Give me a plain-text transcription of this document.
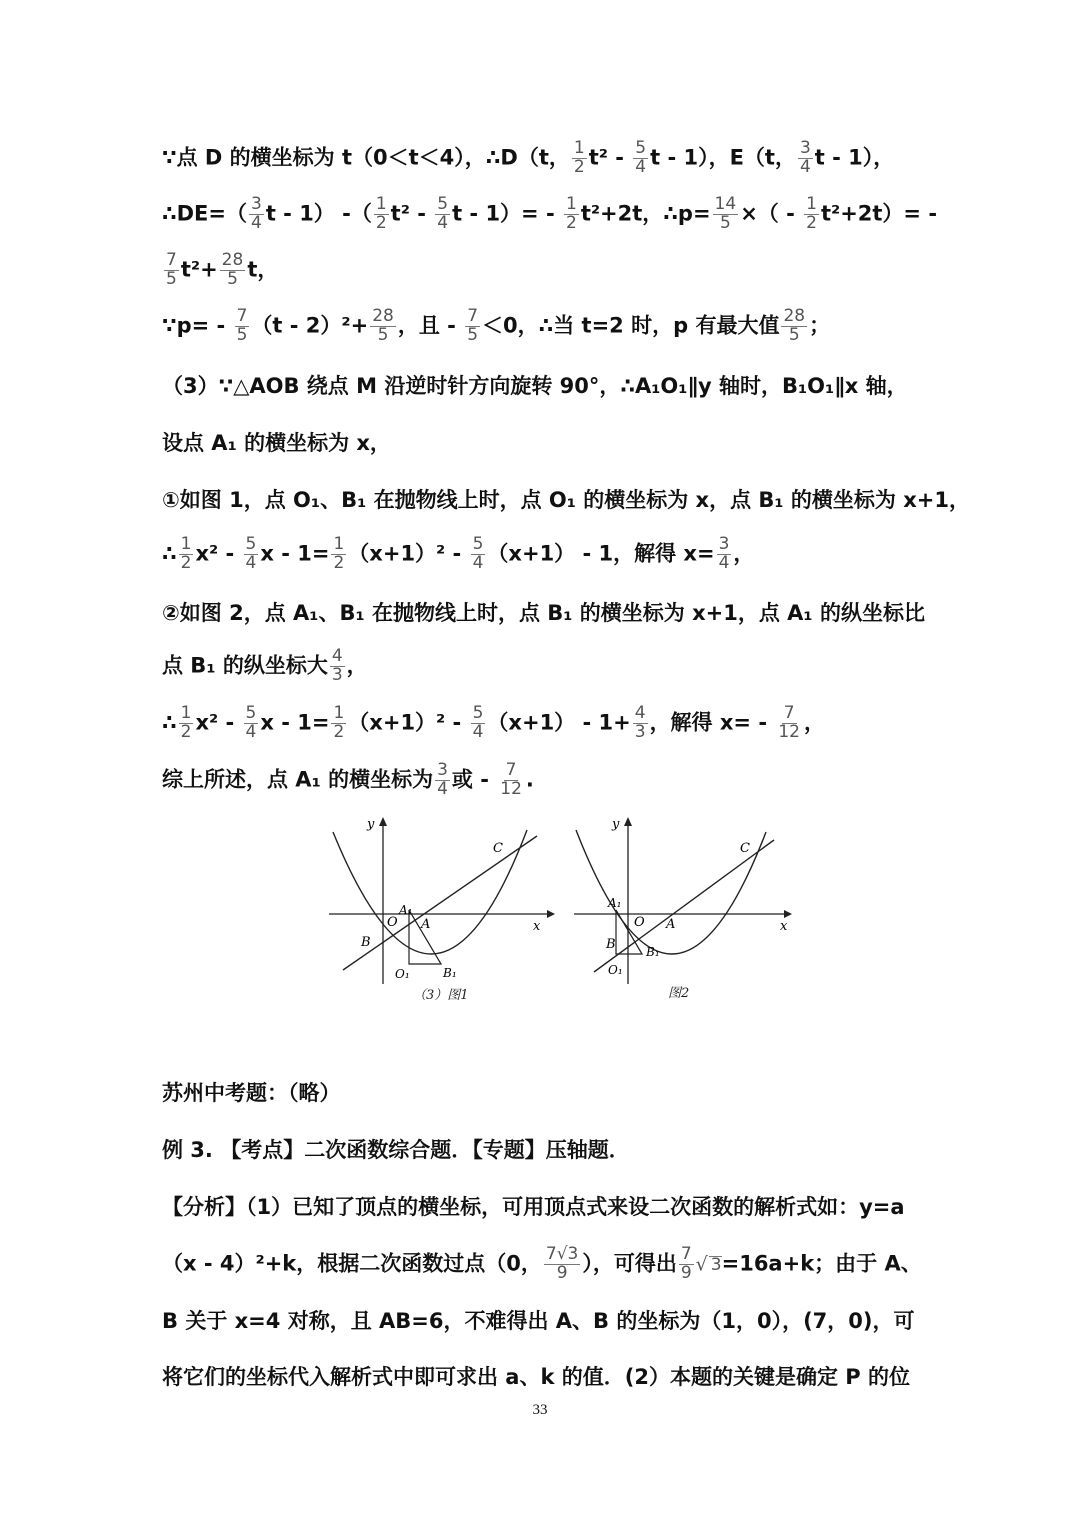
∵点 D 的横坐标为 t（0＜t＜4），∴D（t， $\frac{1}{2} t^2 - \frac{5}{4}$ t - 1），E（t， $\frac{3}{4}$ t - 1），
∴DE=（ $\frac{3}{4}$ t - 1） -（ $\frac{1}{2} t^2 - \frac{5}{4}$ $t - 1)= - \frac{1}{2} t^2+2t$，∴p= $\frac{14}{5}$ ×（ - $\frac{1}{2} t^2+2t)=$ -
$\frac{7}{5} t^2+ \frac{28}{5}$ t，
∵p= - $\frac{7}{5} (t - 2)^2+ \frac{28}{5}$ ，且 - $\frac{7}{5} <0$，∴当 t=2 时，p 有最大值 $\frac{28}{5}$ ；
（3）∵△AOB 绕点 M 沿逆时针方向旋转 90°，∴A₁O₁∥y 轴时，B₁O₁∥x 轴，
设点 A₁ 的横坐标为 x，
①如图 1，点 O₁、B₁ 在抛物线上时，点 O₁ 的横坐标为 x，点 B₁ 的横坐标为 x+1，
∴ $\frac{1}{2} x^2 - \frac{5}{4}$ $x - 1= \frac{1}{2} (x+1)^2 - \frac{5}{4} (x+1) - 1$，解得 $x= \frac{3}{4}$ ，
②如图 2，点 A₁、B₁ 在抛物线上时，点 B₁ 的横坐标为 x+1，点 A₁ 的纵坐标比
点 B₁ 的纵坐标大 $\frac{4}{3}$ ，
∴ $\frac{1}{2} x^2 - \frac{5}{4}$ $x - 1= \frac{1}{2} (x+1)^2 - \frac{5}{4} (x+1) - 1+ \frac{4}{3}$ ，解得 $x= - \frac{7}{12}$ ，
综上所述，点 A₁ 的横坐标为 $\frac{3}{4}$ 或 - $\frac{7}{12}$ .
y
x
C
O
A₁
A
B
O₁	B₁
（3）图1
y
x
C
A₁
O A
B	B₁
O₁
图2
苏州中考题：（略）
例 3. 【考点】二次函数综合题．【专题】压轴题．
【分析】（1）已知了顶点的横坐标，可用顶点式来设二次函数的解析式如：y=a
（x - 4）²+k，根据二次函数过点（0， $\frac{7√3}{9}$ ），可得出 $\frac{7}{9}$ √ 3=16a+k；由于 A、
B 关于 x=4 对称，且 AB=6，不难得出 A、B 的坐标为（1，0），(7，0)，可
将它们的坐标代入解析式中即可求出 a、k 的值．(2）本题的关键是确定 P 的位
33
